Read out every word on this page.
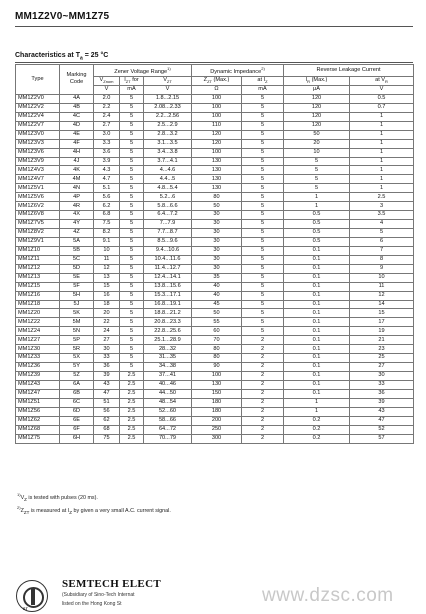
MM1Z2V0~MM1Z75
Characteristics at $T_a = 25$ °C
Type	Marking
Code	Zener Voltage Range$^{1)}$			Dynamic Impedance$^{2)}$		Reverse Leakage Current	
		$V_{Znom}$	$I_{ZT}$ for	$V_{ZT}$	$Z_{ZT}$ (Max.)	at $I_Z$	$I_R$ (Max.)	at $V_R$
		V	mA	V	Ω	mA	μA	V
MM1Z2V0	4A	2.0	5	1.8...2.15	100	5	120	0.5
MM1Z2V2	4B	2.2	5	2.08...2.33	100	5	120	0.7
MM1Z2V4	4C	2.4	5	2.2...2.56	100	5	120	1
MM1Z2V7	4D	2.7	5	2.5...2.9	110	5	120	1
MM1Z3V0	4E	3.0	5	2.8...3.2	120	5	50	1
MM1Z3V3	4F	3.3	5	3.1...3.5	120	5	20	1
MM1Z3V6	4H	3.6	5	3.4...3.8	100	5	10	1
MM1Z3V9	4J	3.9	5	3.7...4.1	130	5	5	1
MM1Z4V3	4K	4.3	5	4...4.6	130	5	5	1
MM1Z4V7	4M	4.7	5	4.4...5	130	5	5	1
MM1Z5V1	4N	5.1	5	4.8...5.4	130	5	5	1
MM1Z5V6	4P	5.6	5	5.2...6	80	5	1	2.5
MM1Z6V2	4R	6.2	5	5.8...6.6	50	5	1	3
MM1Z6V8	4X	6.8	5	6.4...7.2	30	5	0.5	3.5
MM1Z7V5	4Y	7.5	5	7...7.9	30	5	0.5	4
MM1Z8V2	4Z	8.2	5	7.7...8.7	30	5	0.5	5
MM1Z9V1	5A	9.1	5	8.5...9.6	30	5	0.5	6
MM1Z10	5B	10	5	9.4...10.6	30	5	0.1	7
MM1Z11	5C	11	5	10.4...11.6	30	5	0.1	8
MM1Z12	5D	12	5	11.4...12.7	30	5	0.1	9
MM1Z13	5E	13	5	12.4...14.1	35	5	0.1	10
MM1Z15	5F	15	5	13.8...15.6	40	5	0.1	11
MM1Z16	5H	16	5	15.3...17.1	40	5	0.1	12
MM1Z18	5J	18	5	16.8...19.1	45	5	0.1	14
MM1Z20	5K	20	5	18.8...21.2	50	5	0.1	15
MM1Z22	5M	22	5	20.8...23.3	55	5	0.1	17
MM1Z24	5N	24	5	22.8...25.6	60	5	0.1	19
MM1Z27	5P	27	5	25.1...28.9	70	2	0.1	21
MM1Z30	5R	30	5	28...32	80	2	0.1	23
MM1Z33	5X	33	5	31...35	80	2	0.1	25
MM1Z36	5Y	36	5	34...38	90	2	0.1	27
MM1Z39	5Z	39	2.5	37...41	100	2	0.1	30
MM1Z43	6A	43	2.5	40...46	130	2	0.1	33
MM1Z47	6B	47	2.5	44...50	150	2	0.1	36
MM1Z51	6C	51	2.5	48...54	180	2	1	39
MM1Z56	6D	56	2.5	52...60	180	2	1	43
MM1Z62	6E	62	2.5	58...66	200	2	0.2	47
MM1Z68	6F	68	2.5	64...72	250	2	0.2	52
MM1Z75	6H	75	2.5	70...79	300	2	0.2	57
$^{1)}V_Z$ is tested with pulses (20 ms).
$^{2)}Z_{ZT}$ is measured at $I_Z$ by given a very small A.C. current signal.
ST
SEMTECH ELECT
(Subsidiary of Sino-Tech Internat
listed on the Hong Kong St	www.dzsc.com
